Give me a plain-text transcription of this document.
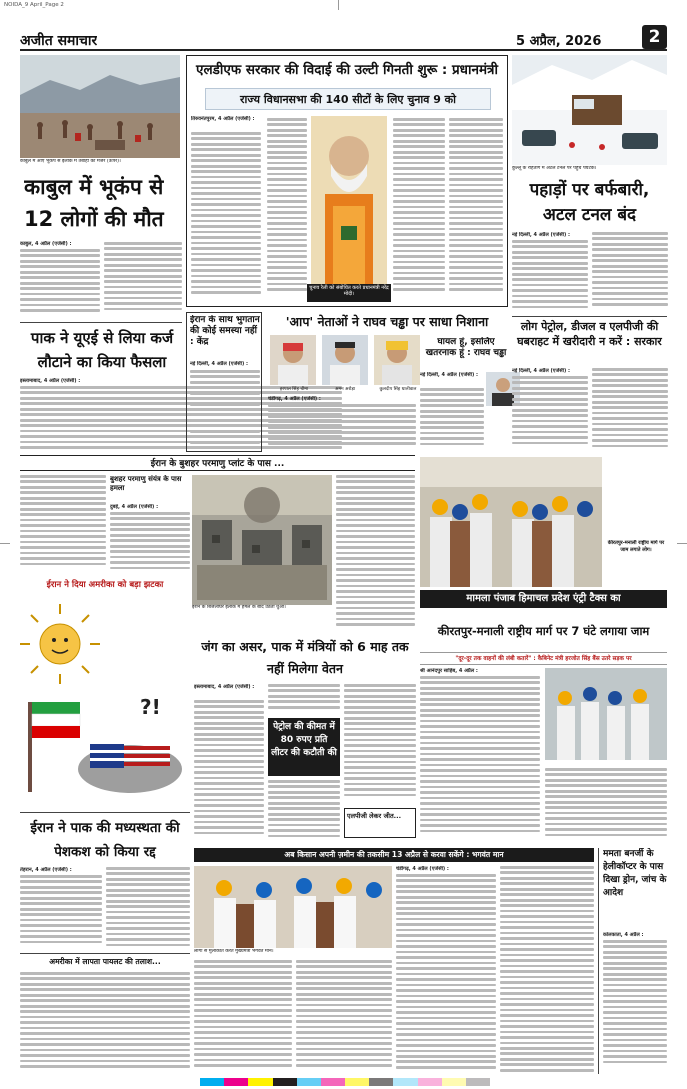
NOIDA_9 April_Page 2
अजीत समाचार	5 अप्रैल, 2026	2
काबुल में आए भूकंप से इलाके में तबाही का मंजर (ऊपर)।
काबुल में भूकंप से 12 लोगों की मौत
काबुल, 4 अप्रैल (एजेंसी) :
पाक ने यूएई से लिया कर्ज लौटाने का किया फैसला
इस्लामाबाद, 4 अप्रैल (एजेंसी) :
एलडीएफ सरकार की विदाई की उल्टी गिनती शुरू : प्रधानमंत्री
राज्य विधानसभा की 140 सीटों के लिए चुनाव 9 को
तिरुवनंतपुरम, 4 अप्रैल (एजेंसी) :
चुनाव रैली को संबोधित करते प्रधानमंत्री नरेंद्र मोदी।
ईरान के साथ भुगतान की कोई समस्या नहीं : केंद्र
नई दिल्ली, 4 अप्रैल (एजेंसी) :
'आप' नेताओं ने राघव चड्ढा पर साधा निशाना
हरपाल सिंह चीमा	अमन अरोड़ा	कुलदीप सिंह धालीवाल
चंडीगढ़, 4 अप्रैल (एजेंसी) :
घायल हूं, इसलिए खतरनाक हूं : राघव चड्ढा
नई दिल्ली, 4 अप्रैल (एजेंसी) :
कुल्लू के रोहतांग में अटल टनल पर पहुंचे पर्यटक।
पहाड़ों पर बर्फबारी, अटल टनल बंद
नई दिल्ली, 4 अप्रैल (एजेंसी) :
लोग पेट्रोल, डीजल व एलपीजी की घबराहट में खरीदारी न करें : सरकार
नई दिल्ली, 4 अप्रैल (एजेंसी) :
ईरान के बुशहर परमाणु प्लांट के पास ...
बुशहर परमाणु संयंत्र के पास हमला
दुबई, 4 अप्रैल (एजेंसी) :
ईरान के बिजलीघर इलाके में हमले के बाद उठता धुआं।
ईरान ने दिया अमरीका को बड़ा झटका
?!
ईरान ने पाक की मध्यस्थता की पेशकश को किया रद्द
तेहरान, 4 अप्रैल (एजेंसी) :
जंग का असर, पाक में मंत्रियों को 6 माह तक नहीं मिलेगा वेतन
इस्लामाबाद, 4 अप्रैल (एजेंसी) :
पेट्रोल की कीमत में 80 रुपए प्रति लीटर की कटौती की
एलपीजी लेकर जीत...
कीरतपुर-मनाली राष्ट्रीय मार्ग पर जाम लगाते लोग।
मामला पंजाब हिमाचल प्रदेश एंट्री टैक्स का
कीरतपुर-मनाली राष्ट्रीय मार्ग पर 7 घंटे लगाया जाम
"दूर-दूर तक वाहनों की लंबी कतारें" : कैबिनेट मंत्री हरजोत सिंह बैंस उतरे सड़क पर
श्री आनंदपुर साहिब, 4 अप्रैल :
अब किसान अपनी ज़मीन की तकसीम 13 अप्रैल से करवा सकेंगे : भगवंत मान
लोगों से मुलाकात करते मुख्यमंत्री भगवंत मान।
चंडीगढ़, 4 अप्रैल (एजेंसी) :
अमरीका में लापता पायलट की तलाश...
ममता बनर्जी के हेलीकॉप्टर के पास दिखा ड्रोन, जांच के आदेश
कोलकाता, 4 अप्रैल :
